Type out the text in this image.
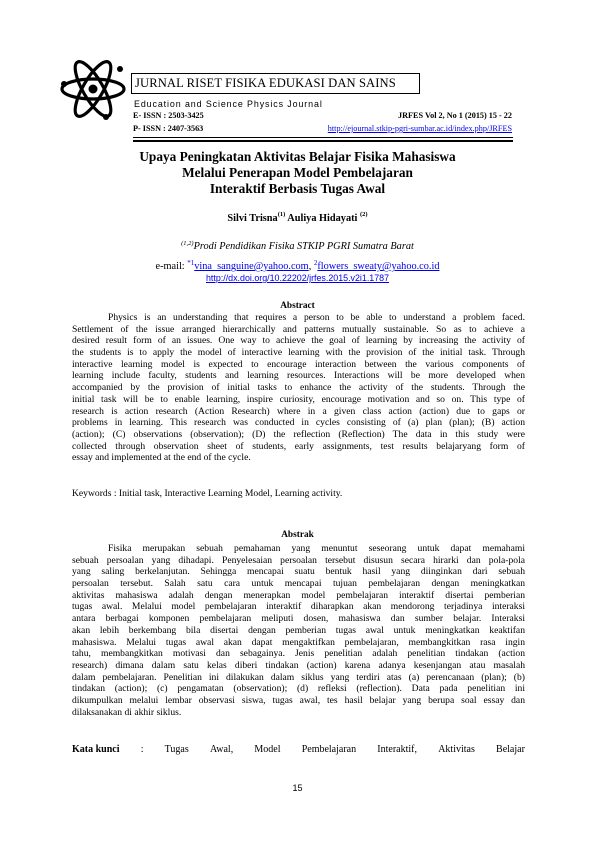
JURNAL RISET FISIKA EDUKASI DAN SAINS
Education and Science Physics Journal
E- ISSN : 2503-3425
P- ISSN : 2407-3563
JRFES Vol 2, No 1 (2015) 15 - 22
http://ejournal.stkip-pgri-sumbar.ac.id/index.php/JRFES
Upaya Peningkatan Aktivitas Belajar Fisika Mahasiswa
Melalui Penerapan Model Pembelajaran
Interaktif Berbasis Tugas Awal
Silvi Trisna$^{(1)}$ Auliya Hidayati $^{(2)}$
$^{(1,2)}$Prodi Pendidikan Fisika STKIP PGRI Sumatra Barat
e-mail: $^{*1}$vina_sanguine@yahoo.com, $^2$flowers_sweaty@yahoo.co.id
http://dx.doi.org/10.22202/jrfes.2015.v2i1.1787
Abstract
Physics is an understanding that requires a person to be able to understand a problem faced.
Settlement of the issue arranged hierarchically and patterns mutually sustainable. So as to achieve a
desired result form of an issues. One way to achieve the goal of learning by increasing the activity of
the students is to apply the model of interactive learning with the provision of the initial task. Through
interactive learning model is expected to encourage interaction between the various components of
learning include faculty, students and learning resources. Interactions will be more developed when
accompanied by the provision of initial tasks to enhance the activity of the students. Through the
initial task will be to enable learning, inspire curiosity, encourage motivation and so on. This type of
research is action research (Action Research) where in a given class action (action) due to gaps or
problems in learning. This research was conducted in cycles consisting of (a) plan (plan); (B) action
(action); (C) observations (observation); (D) the reflection (Reflection) The data in this study were
collected through observation sheet of students, early assignments, test results belajaryang form of
essay and implemented at the end of the cycle.
Keywords : Initial task, Interactive Learning Model, Learning activity.
Abstrak
Fisika merupakan sebuah pemahaman yang menuntut seseorang untuk dapat memahami
sebuah persoalan yang dihadapi. Penyelesaian persoalan tersebut disusun secara hirarki dan pola-pola
yang saling berkelanjutan. Sehingga mencapai suatu bentuk hasil yang diinginkan dari sebuah
persoalan tersebut. Salah satu cara untuk mencapai tujuan pembelajaran dengan meningkatkan
aktivitas mahasiswa adalah dengan menerapkan model pembelajaran interaktif disertai pemberian
tugas awal. Melalui model pembelajaran interaktif diharapkan akan mendorong terjadinya interaksi
antara berbagai komponen pembelajaran meliputi dosen, mahasiswa dan sumber belajar. Interaksi
akan lebih berkembang bila disertai dengan pemberian tugas awal untuk meningkatkan keaktifan
mahasiswa. Melalui tugas awal akan dapat mengaktifkan pembelajaran, membangkitkan rasa ingin
tahu, membangkitkan motivasi dan sebagainya. Jenis penelitian adalah penelitian tindakan (action
research) dimana dalam satu kelas diberi tindakan (action) karena adanya kesenjangan atau masalah
dalam pembelajaran. Penelitian ini dilakukan dalam siklus yang terdiri atas (a) perencanaan (plan); (b)
tindakan (action); (c) pengamatan (observation); (d) refleksi (reflection). Data pada penelitian ini
dikumpulkan melalui lembar observasi siswa, tugas awal, tes hasil belajar yang berupa soal essay dan
dilaksanakan di akhir siklus.
Kata kunci : Tugas Awal, Model Pembelajaran Interaktif, Aktivitas Belajar
15
